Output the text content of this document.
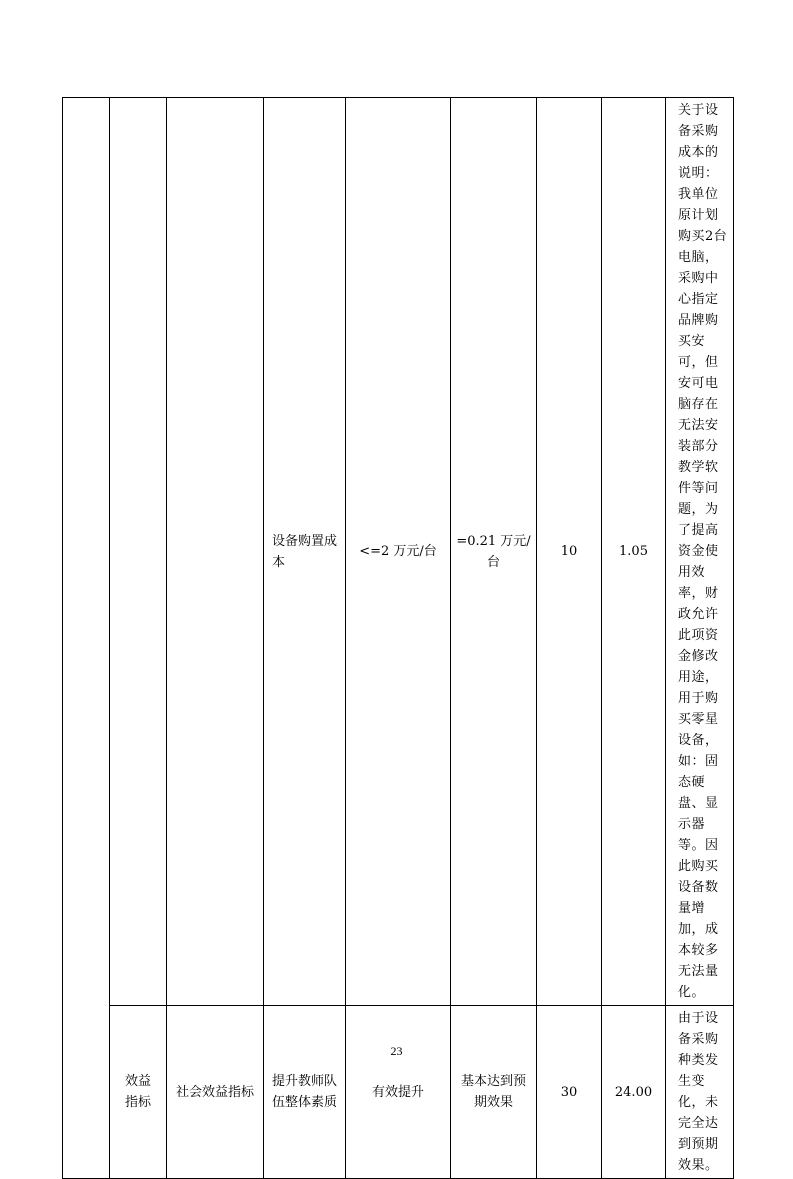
			设备购置成本	<=2 万元/台	=0.21 万元/台	10	1.05	关于设备采购成本的说明：我单位原计划购买2台电脑，采购中心指定品牌购买安可，但安可电脑存在无法安装部分教学软件等问题，为了提高资金使用效率，财政允许此项资金修改用途，用于购买零星设备，如：固态硬盘、显示器等。因此购买设备数量增加，成本较多无法量化。
	效益指标	社会效益指标	提升教师队伍整体素质	有效提升	基本达到预期效果	30	24.00	由于设备采购种类发生变化，未完全达到预期效果。
23
